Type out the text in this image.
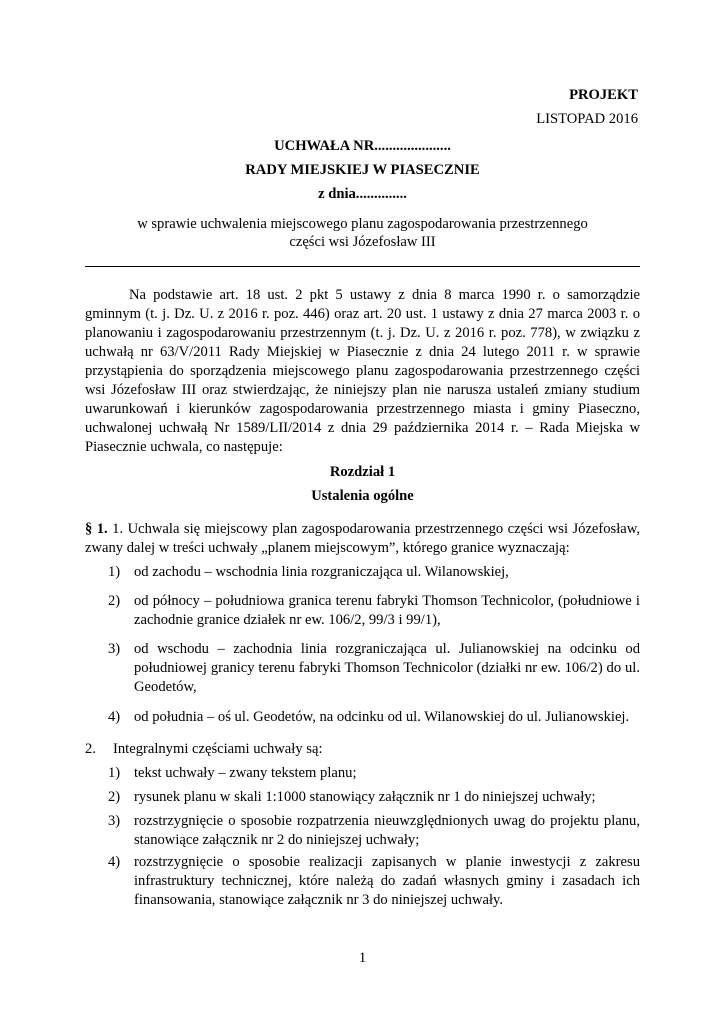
PROJEKT
LISTOPAD 2016
UCHWAŁA NR.....................
RADY MIEJSKIEJ W PIASECZNIE
z dnia..............
w sprawie uchwalenia miejscowego planu zagospodarowania przestrzennego
części wsi Józefosław III
Na podstawie art. 18 ust. 2 pkt 5 ustawy z dnia 8 marca 1990 r. o samorządzie gminnym (t. j. Dz. U. z 2016 r. poz. 446) oraz art. 20 ust. 1 ustawy z dnia 27 marca 2003 r. o planowaniu i zagospodarowaniu przestrzennym (t. j. Dz. U. z 2016 r. poz. 778), w związku z uchwałą nr 63/V/2011 Rady Miejskiej w Piasecznie z dnia 24 lutego 2011 r. w sprawie przystąpienia do sporządzenia miejscowego planu zagospodarowania przestrzennego części wsi Józefosław III oraz stwierdzając, że niniejszy plan nie narusza ustaleń zmiany studium uwarunkowań i kierunków zagospodarowania przestrzennego miasta i gminy Piaseczno, uchwalonej uchwałą Nr 1589/LII/2014 z dnia 29 października 2014 r. – Rada Miejska w Piasecznie uchwala, co następuje:
Rozdział 1
Ustalenia ogólne
§ 1. 1. Uchwala się miejscowy plan zagospodarowania przestrzennego części wsi Józefosław, zwany dalej w treści uchwały „planem miejscowym”, którego granice wyznaczają:
1) od zachodu – wschodnia linia rozgraniczająca ul. Wilanowskiej,
2) od północy – południowa granica terenu fabryki Thomson Technicolor, (południowe i zachodnie granice działek nr ew. 106/2, 99/3 i 99/1),
3) od wschodu – zachodnia linia rozgraniczająca ul. Julianowskiej na odcinku od południowej granicy terenu fabryki Thomson Technicolor (działki nr ew. 106/2) do ul. Geodetów,
4) od południa – oś ul. Geodetów, na odcinku od ul. Wilanowskiej do ul. Julianowskiej.
2. Integralnymi częściami uchwały są:
1) tekst uchwały – zwany tekstem planu;
2) rysunek planu w skali 1:1000 stanowiący załącznik nr 1 do niniejszej uchwały;
3) rozstrzygnięcie o sposobie rozpatrzenia nieuwzględnionych uwag do projektu planu, stanowiące załącznik nr 2 do niniejszej uchwały;
4) rozstrzygnięcie o sposobie realizacji zapisanych w planie inwestycji z zakresu infrastruktury technicznej, które należą do zadań własnych gminy i zasadach ich finansowania, stanowiące załącznik nr 3 do niniejszej uchwały.
1
